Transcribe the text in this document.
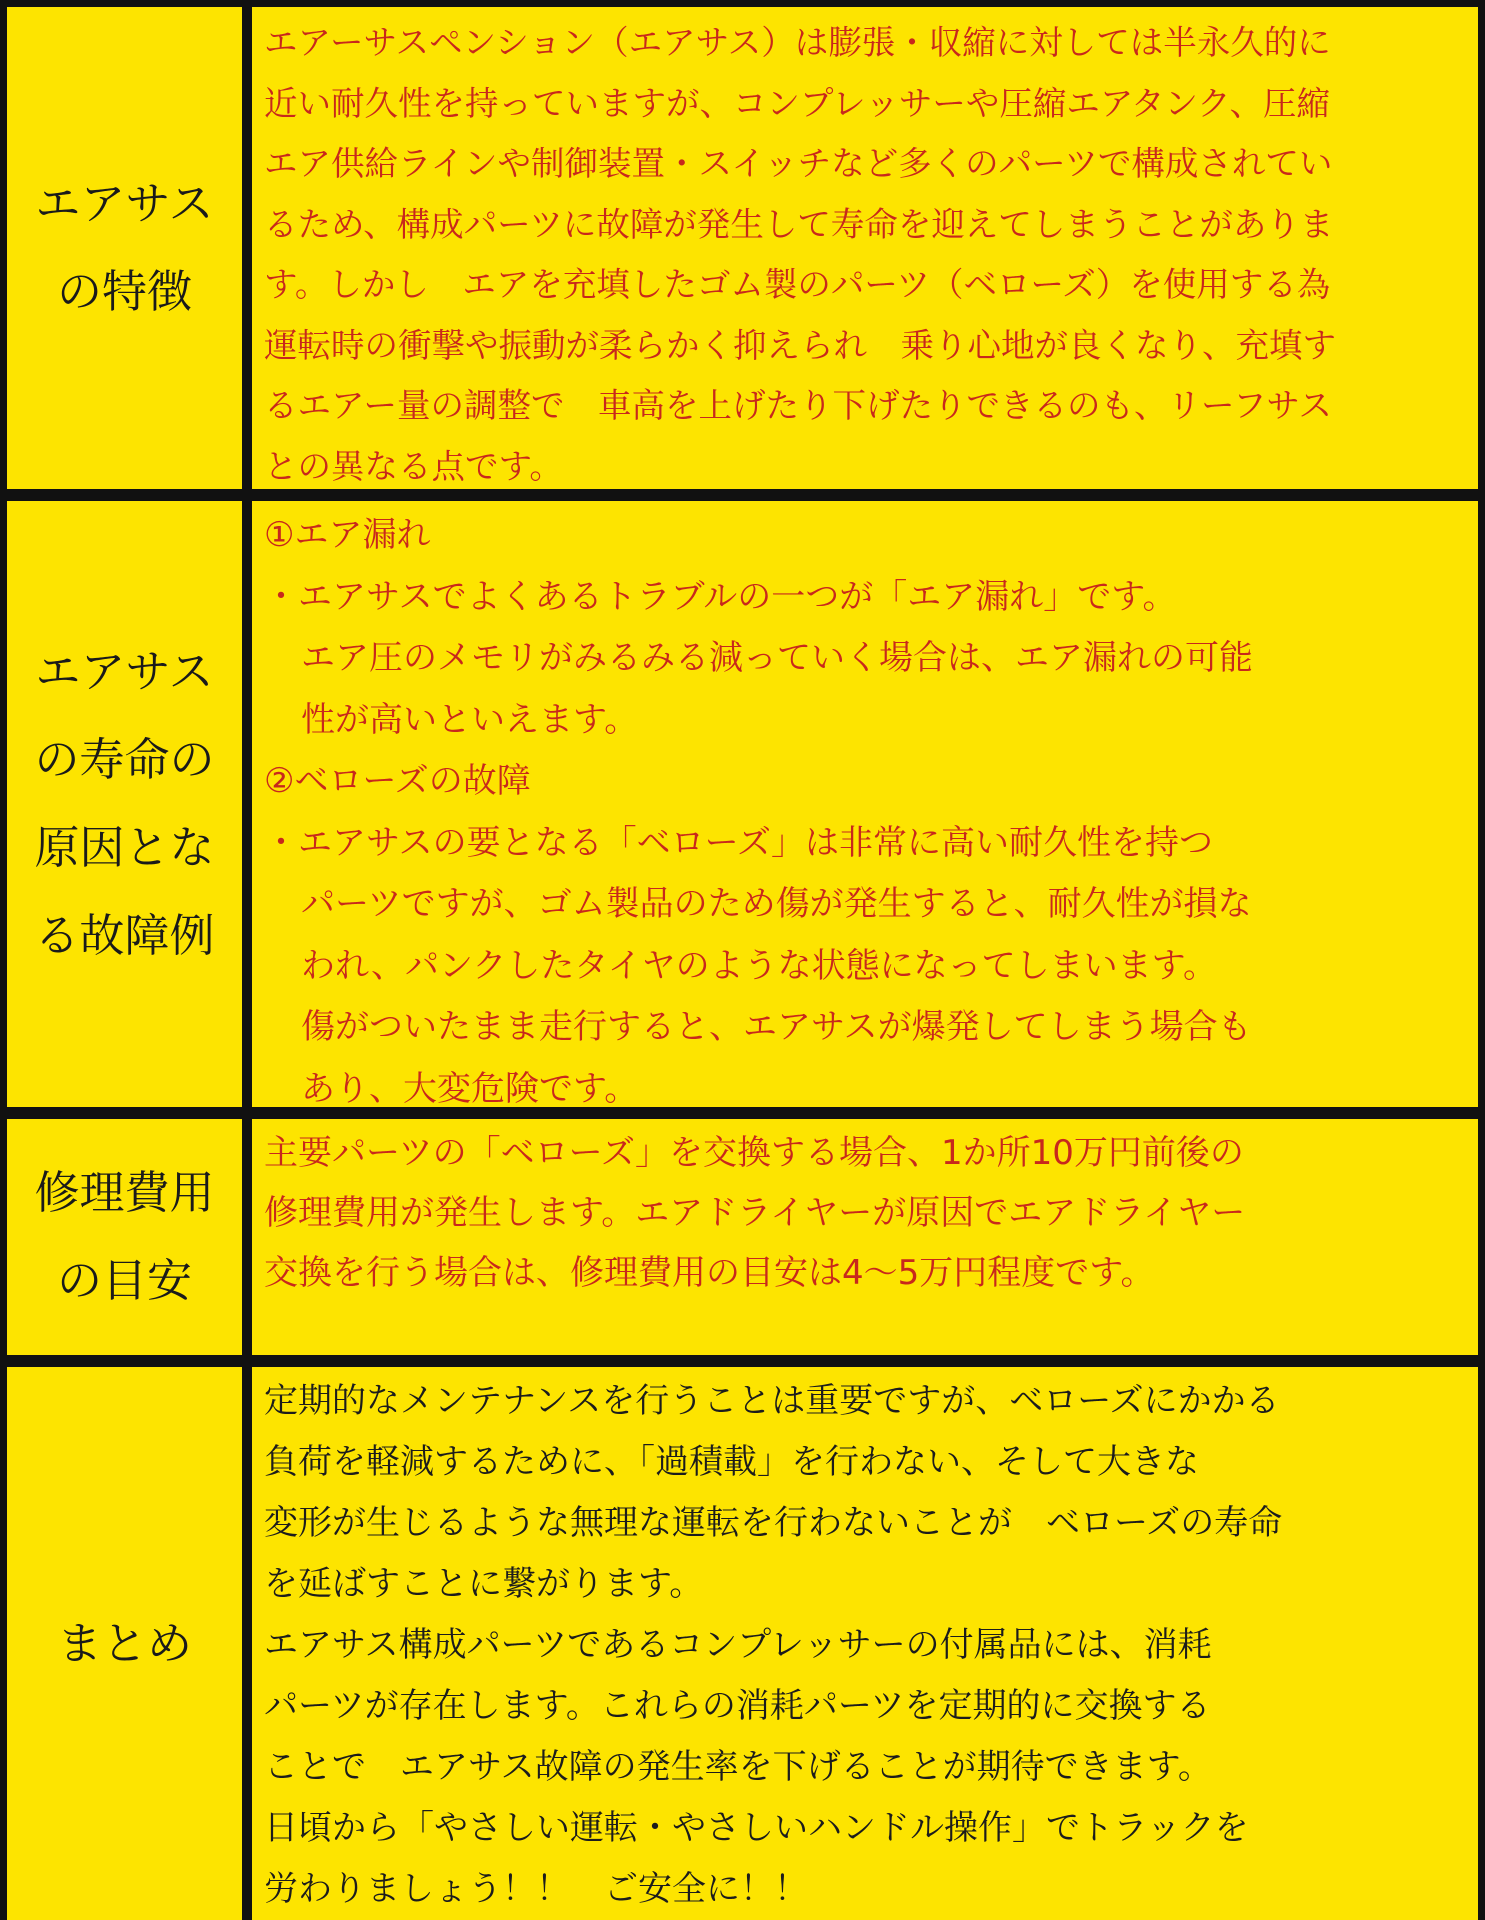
エアサス
の特徴
エアーサスペンション（エアサス）は膨張・収縮に対しては半永久的に
近い耐久性を持っていますが、コンプレッサーや圧縮エアタンク、圧縮
エア供給ラインや制御装置・スイッチなど多くのパーツで構成されてい
るため、構成パーツに故障が発生して寿命を迎えてしまうことがありま
す。しかし　エアを充填したゴム製のパーツ（ベローズ）を使用する為
運転時の衝撃や振動が柔らかく抑えられ　乗り心地が良くなり、充填す
るエアー量の調整で　車高を上げたり下げたりできるのも、リーフサス
との異なる点です。
エアサス
の寿命の
原因とな
る故障例
①エア漏れ
・エアサスでよくあるトラブルの一つが「エア漏れ」です。
エア圧のメモリがみるみる減っていく場合は、エア漏れの可能
性が高いといえます。
②ベローズの故障
・エアサスの要となる「ベローズ」は非常に高い耐久性を持つ
パーツですが、ゴム製品のため傷が発生すると、耐久性が損な
われ、パンクしたタイヤのような状態になってしまいます。
傷がついたまま走行すると、エアサスが爆発してしまう場合も
あり、大変危険です。
修理費用
の目安
主要パーツの「ベローズ」を交換する場合、1か所10万円前後の
修理費用が発生します。エアドライヤーが原因でエアドライヤー
交換を行う場合は、修理費用の目安は4～5万円程度です。
まとめ
定期的なメンテナンスを行うことは重要ですが、ベローズにかかる
負荷を軽減するために、「過積載」を行わない、そして大きな
変形が生じるような無理な運転を行わないことが　ベローズの寿命
を延ばすことに繋がります。
エアサス構成パーツであるコンプレッサーの付属品には、消耗
パーツが存在します。これらの消耗パーツを定期的に交換する
ことで　エアサス故障の発生率を下げることが期待できます。
日頃から「やさしい運転・やさしいハンドル操作」でトラックを
労わりましょう！！　ご安全に！！
